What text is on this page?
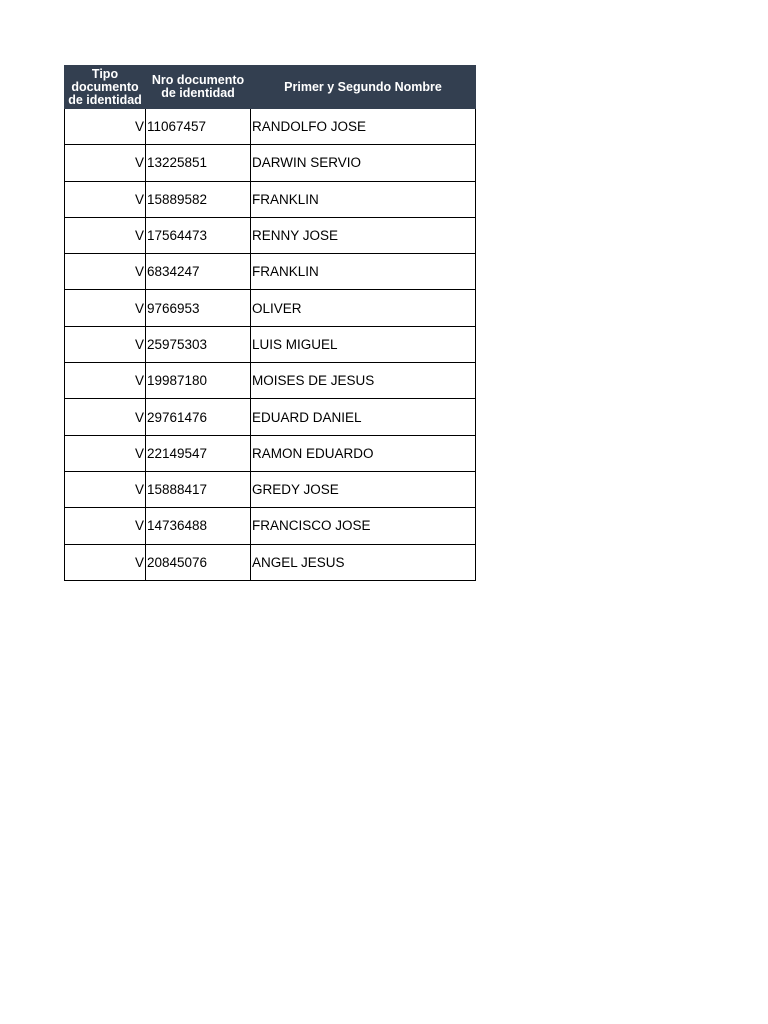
Tipo documento de identidad	Nro documento de identidad	Primer y Segundo Nombre
V	11067457	RANDOLFO JOSE
V	13225851	DARWIN SERVIO
V	15889582	FRANKLIN
V	17564473	RENNY JOSE
V	6834247	FRANKLIN
V	9766953	OLIVER
V	25975303	LUIS MIGUEL
V	19987180	MOISES DE JESUS
V	29761476	EDUARD DANIEL
V	22149547	RAMON EDUARDO
V	15888417	GREDY JOSE
V	14736488	FRANCISCO JOSE
V	20845076	ANGEL JESUS
